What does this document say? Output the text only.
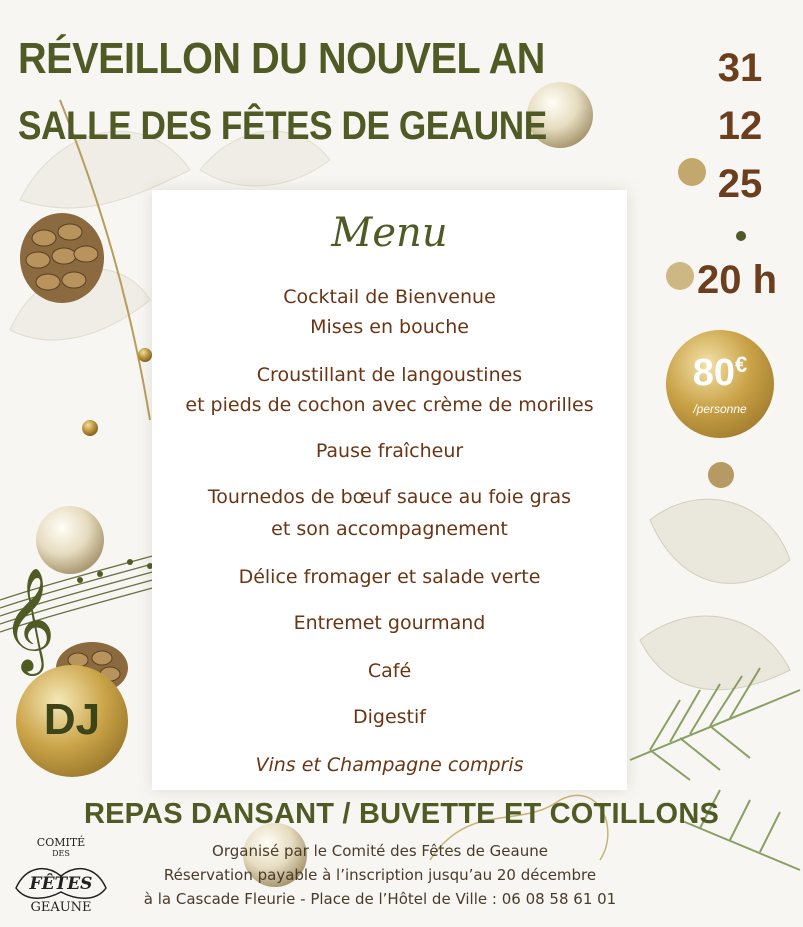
𝄞
RÉVEILLON DU NOUVEL AN
SALLE DES FÊTES DE GEAUNE
31
12
25
20 h
80€
/personne
Menu
Cocktail de Bienvenue
Mises en bouche
Croustillant de langoustines
et pieds de cochon avec crème de morilles
Pause fraîcheur
Tournedos de bœuf sauce au foie gras
et son accompagnement
Délice fromager et salade verte
Entremet gourmand
Café
Digestif
Vins et Champagne compris
DJ
REPAS DANSANT / BUVETTE ET COTILLONS
Organisé par le Comité des Fêtes de Geaune
Réservation payable à l’inscription jusqu’au 20 décembre
à la Cascade Fleurie - Place de l’Hôtel de Ville : 06 08 58 61 01
COMITÉ
DES
FÊTES
GEAUNE
